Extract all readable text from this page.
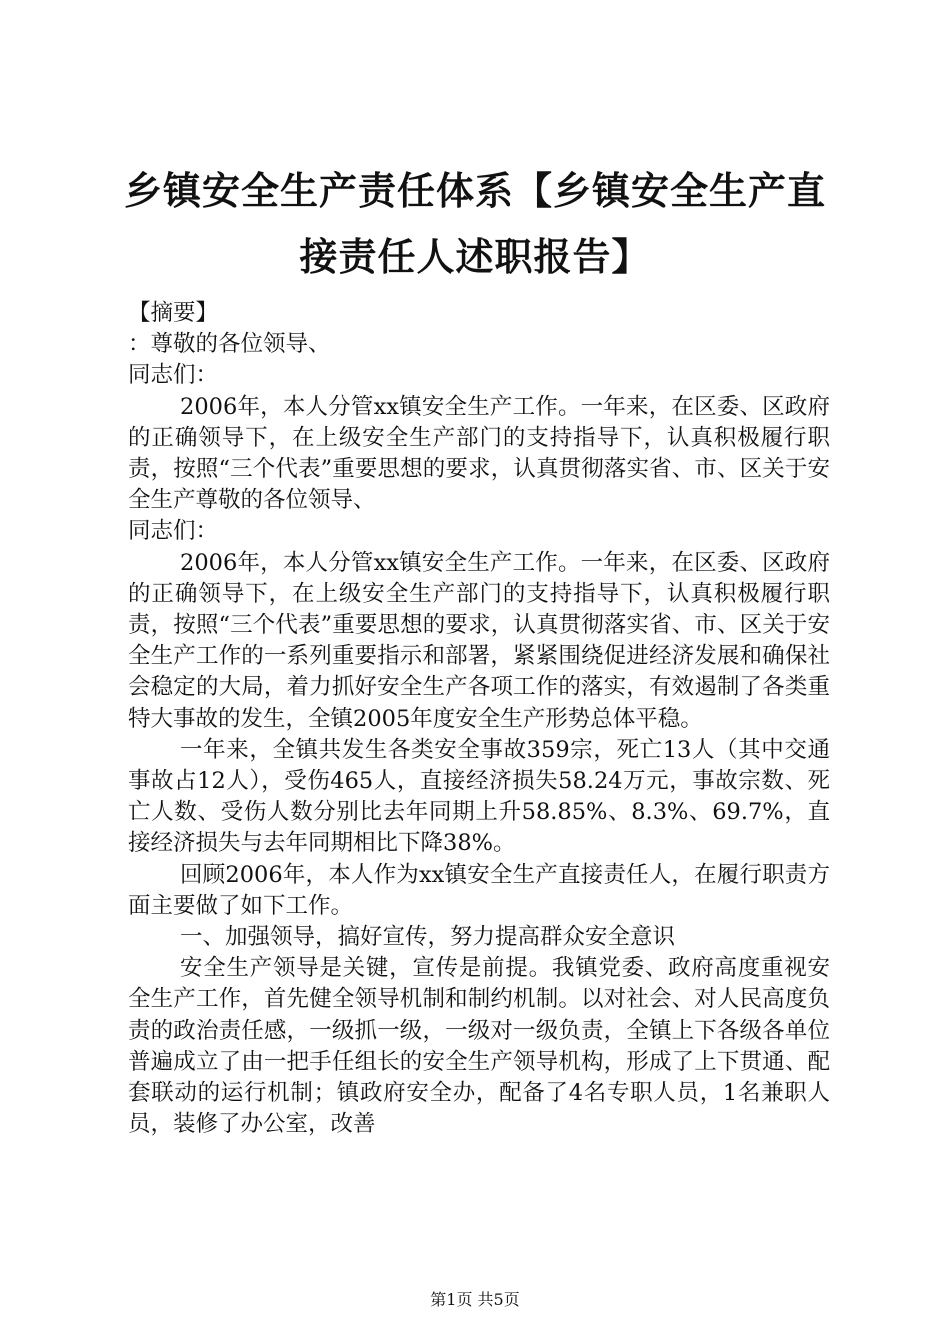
乡镇安全生产责任体系【乡镇安全生产直接责任人述职报告】

【摘要】

：尊敬的各位领导、

同志们：

2006年，本人分管xx镇安全生产工作。一年来，在区委、区政府的正确领导下，在上级安全生产部门的支持指导下，认真积极履行职责，按照“三个代表”重要思想的要求，认真贯彻落实省、市、区关于安全生产尊敬的各位领导、

同志们：

2006年，本人分管xx镇安全生产工作。一年来，在区委、区政府的正确领导下，在上级安全生产部门的支持指导下，认真积极履行职责，按照“三个代表”重要思想的要求，认真贯彻落实省、市、区关于安全生产工作的一系列重要指示和部署，紧紧围绕促进经济发展和确保社会稳定的大局，着力抓好安全生产各项工作的落实，有效遏制了各类重特大事故的发生，全镇2005年度安全生产形势总体平稳。

一年来，全镇共发生各类安全事故359宗，死亡13人（其中交通事故占12人），受伤465人，直接经济损失58.24万元，事故宗数、死亡人数、受伤人数分别比去年同期上升58.85%、8.3%、69.7%，直接经济损失与去年同期相比下降38%。

回顾2006年，本人作为xx镇安全生产直接责任人，在履行职责方面主要做了如下工作。

一、加强领导，搞好宣传，努力提高群众安全意识

安全生产领导是关键，宣传是前提。我镇党委、政府高度重视安全生产工作，首先健全领导机制和制约机制。以对社会、对人民高度负责的政治责任感，一级抓一级，一级对一级负责，全镇上下各级各单位普遍成立了由一把手任组长的安全生产领导机构，形成了上下贯通、配套联动的运行机制；镇政府安全办，配备了4名专职人员，1名兼职人员，装修了办公室，改善

第1页 共5页
